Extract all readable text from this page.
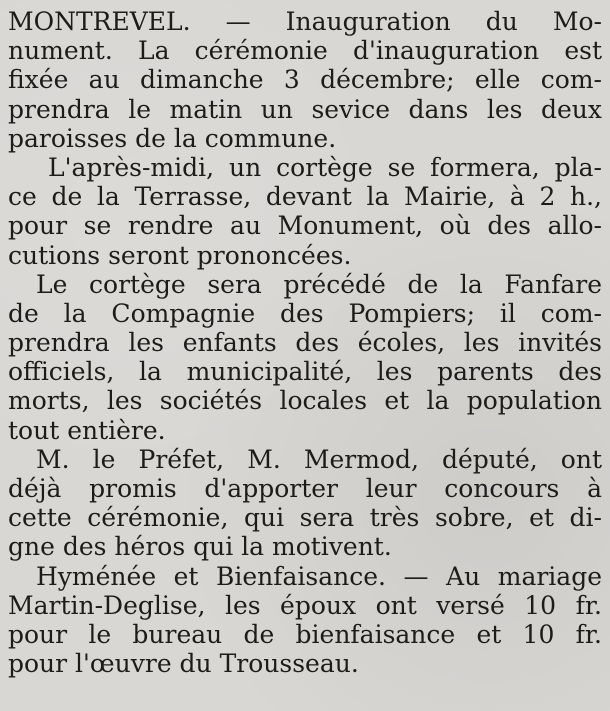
MONTREVEL. — Inauguration du Mo-
nument. La cérémonie d'inauguration est
fixée au dimanche 3 décembre; elle com-
prendra le matin un sevice dans les deux
paroisses de la commune.
L'après-midi, un cortège se formera, pla-
ce de la Terrasse, devant la Mairie, à 2 h.,
pour se rendre au Monument, où des allo-
cutions seront prononcées.
Le cortège sera précédé de la Fanfare
de la Compagnie des Pompiers; il com-
prendra les enfants des écoles, les invités
officiels, la municipalité, les parents des
morts, les sociétés locales et la population
tout entière.
M. le Préfet, M. Mermod, député, ont
déjà promis d'apporter leur concours à
cette cérémonie, qui sera très sobre, et di-
gne des héros qui la motivent.
Hyménée et Bienfaisance. — Au mariage
Martin-Deglise, les époux ont versé 10 fr.
pour le bureau de bienfaisance et 10 fr.
pour l'œuvre du Trousseau.
